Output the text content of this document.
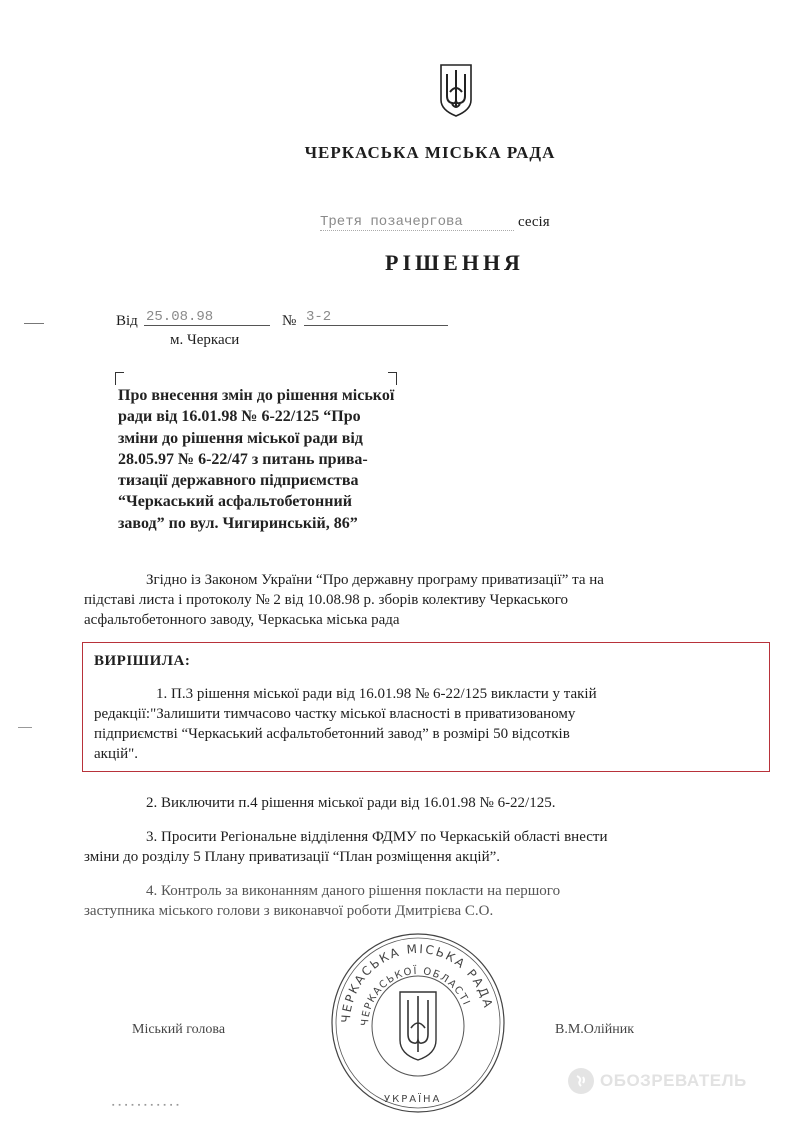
ЧЕРКАСЬКА МІСЬКА РАДА
Третя позачергова	сесія
РІШЕННЯ
Від 25.08.98	№ 3-2
м. Черкаси
Про внесення змін до рішення міської
ради від 16.01.98 № 6-22/125 “Про
зміни до рішення міської ради від
28.05.97 № 6-22/47 з питань прива-
тизації державного підприємства
“Черкаський асфальтобетонний
завод” по вул. Чигиринській, 86”
Згідно із Законом України “Про державну програму приватизації” та на
підставі листа і протоколу № 2 від 10.08.98 р. зборів колективу Черкаського
асфальтобетонного заводу, Черкаська міська рада
ВИРІШИЛА:
1. П.3 рішення міської ради від 16.01.98 № 6-22/125 викласти у такій
редакції:"Залишити тимчасово частку міської власності в приватизованому
підприємстві “Черкаський асфальтобетонний завод” в розмірі 50 відсотків
акцій".
2. Виключити п.4 рішення міської ради від 16.01.98 № 6-22/125.
3. Просити Регіональне відділення ФДМУ по Черкаській області внести
зміни до розділу 5 Плану приватизації “План розміщення акцій”.
4. Контроль за виконанням даного рішення покласти на першого
заступника міського голови з виконавчої роботи Дмитрієва С.О.
Міський голова	В.М.Олійник
ЧЕРКАСЬКА МІСЬКА РАДА
ЧЕРКАСЬКОЇ ОБЛАСТІ
УКРАЇНА
▪ ▪ ▪ ▪ ▪ ▪ ▪ ▪ ▪ ▪ ▪
ОБОЗРЕВАТЕЛЬ
